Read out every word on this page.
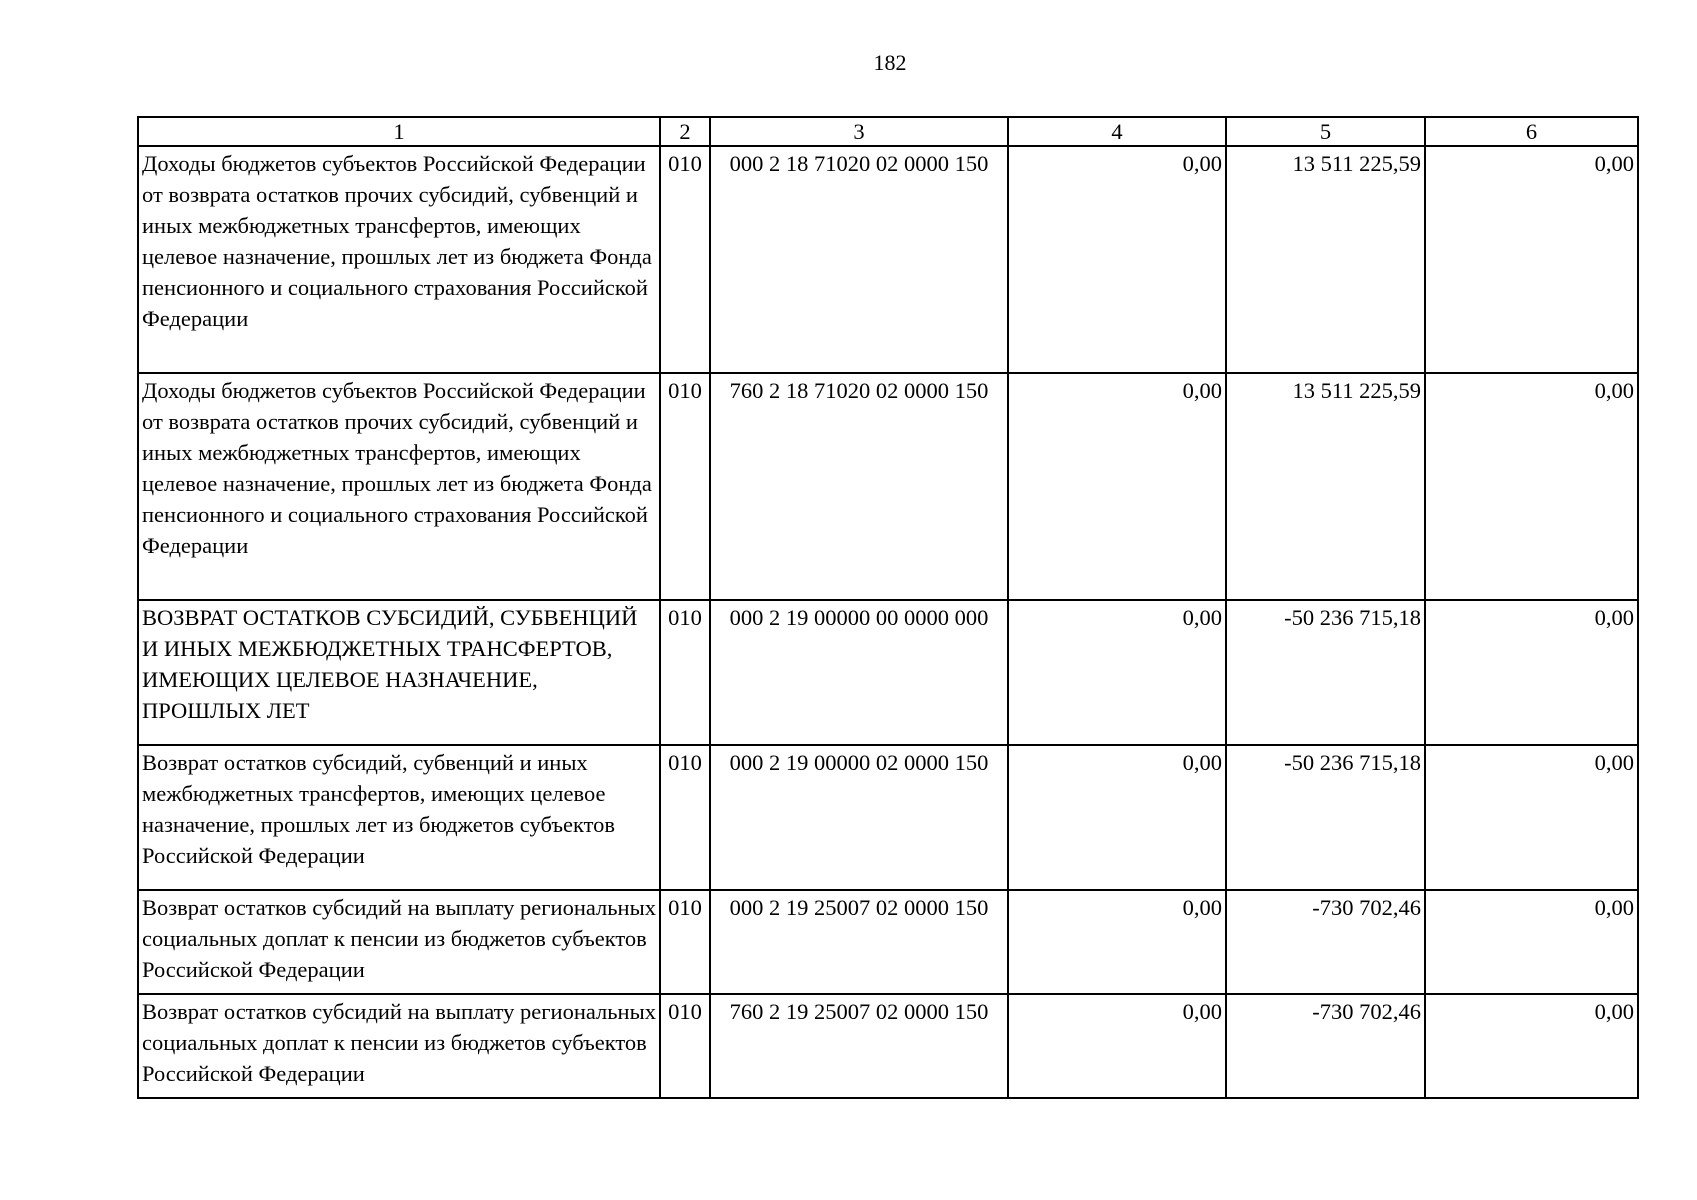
182
1	2	3	4	5	6
Доходы бюджетов субъектов Российской Федерации от возврата остатков прочих субсидий, субвенций и иных межбюджетных трансфертов, имеющих целевое назначение, прошлых лет из бюджета Фонда пенсионного и социального страхования Российской Федерации	010	000 2 18 71020 02 0000 150	0,00	13 511 225,59	0,00
Доходы бюджетов субъектов Российской Федерации от возврата остатков прочих субсидий, субвенций и иных межбюджетных трансфертов, имеющих целевое назначение, прошлых лет из бюджета Фонда пенсионного и социального страхования Российской Федерации	010	760 2 18 71020 02 0000 150	0,00	13 511 225,59	0,00
ВОЗВРАТ ОСТАТКОВ СУБСИДИЙ, СУБВЕНЦИЙ И ИНЫХ МЕЖБЮДЖЕТНЫХ ТРАНСФЕРТОВ, ИМЕЮЩИХ ЦЕЛЕВОЕ НАЗНАЧЕНИЕ, ПРОШЛЫХ ЛЕТ	010	000 2 19 00000 00 0000 000	0,00	-50 236 715,18	0,00
Возврат остатков субсидий, субвенций и иных межбюджетных трансфертов, имеющих целевое назначение, прошлых лет из бюджетов субъектов Российской Федерации	010	000 2 19 00000 02 0000 150	0,00	-50 236 715,18	0,00
Возврат остатков субсидий на выплату региональных социальных доплат к пенсии из бюджетов субъектов Российской Федерации	010	000 2 19 25007 02 0000 150	0,00	-730 702,46	0,00
Возврат остатков субсидий на выплату региональных социальных доплат к пенсии из бюджетов субъектов Российской Федерации	010	760 2 19 25007 02 0000 150	0,00	-730 702,46	0,00
